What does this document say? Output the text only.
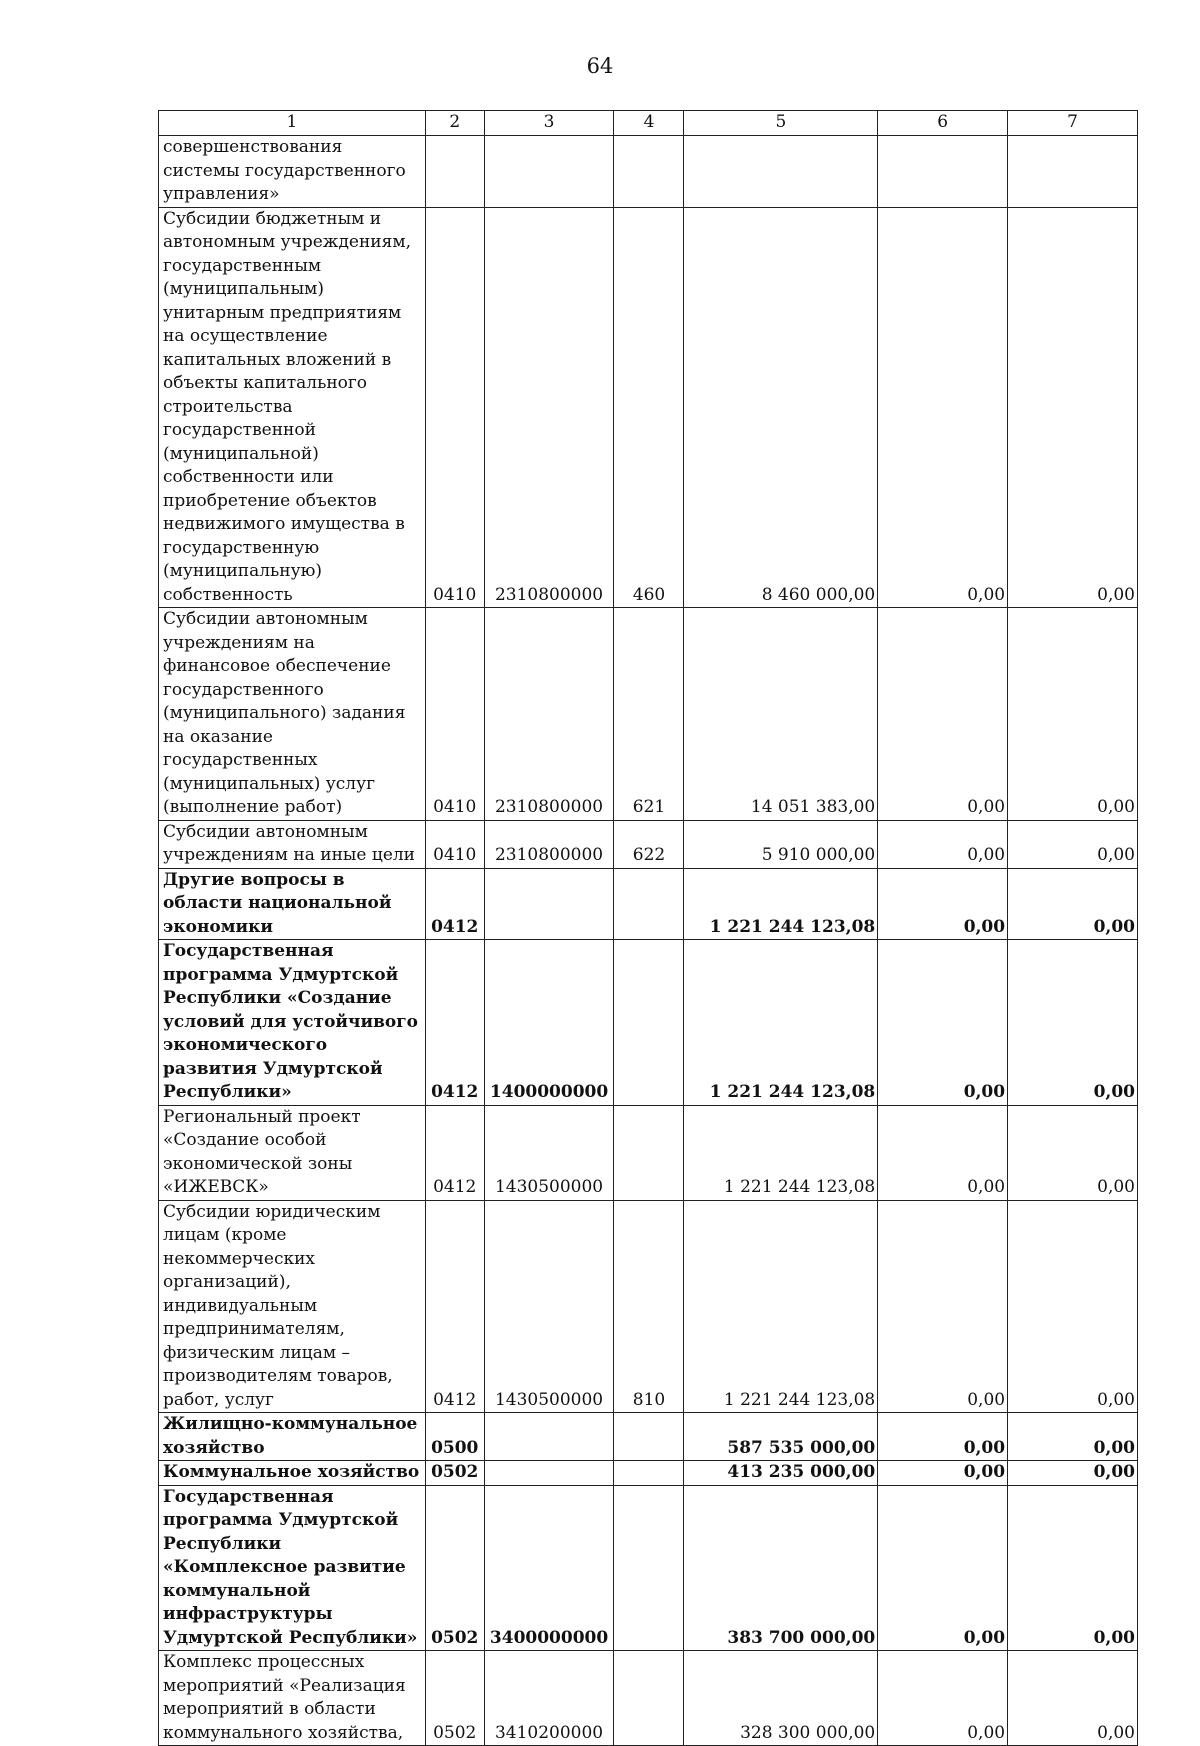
64
1	2	3	4	5	6	7
совершенствования системы государственного управления»						
Субсидии бюджетным и автономным учреждениям, государственным (муниципальным) унитарным предприятиям на осуществление капитальных вложений в объекты капитального строительства государственной (муниципальной) собственности или приобретение объектов недвижимого имущества в государственную (муниципальную) собственность	0410	2310800000	460	8 460 000,00	0,00	0,00
Субсидии автономным учреждениям на финансовое обеспечение государственного (муниципального) задания на оказание государственных (муниципальных) услуг (выполнение работ)	0410	2310800000	621	14 051 383,00	0,00	0,00
Субсидии автономным учреждениям на иные цели	0410	2310800000	622	5 910 000,00	0,00	0,00
Другие вопросы в области национальной экономики	0412			1 221 244 123,08	0,00	0,00
Государственная программа Удмуртской Республики «Создание условий для устойчивого экономического развития Удмуртской Республики»	0412	1400000000		1 221 244 123,08	0,00	0,00
Региональный проект «Создание особой экономической зоны «ИЖЕВСК»	0412	1430500000		1 221 244 123,08	0,00	0,00
Субсидии юридическим лицам (кроме некоммерческих организаций), индивидуальным предпринимателям, физическим лицам – производителям товаров, работ, услуг	0412	1430500000	810	1 221 244 123,08	0,00	0,00
Жилищно-коммунальное хозяйство	0500			587 535 000,00	0,00	0,00
Коммунальное хозяйство	0502			413 235 000,00	0,00	0,00
Государственная программа Удмуртской Республики «Комплексное развитие коммунальной инфраструктуры Удмуртской Республики»	0502	3400000000		383 700 000,00	0,00	0,00
Комплекс процессных мероприятий «Реализация мероприятий в области коммунального хозяйства,	0502	3410200000		328 300 000,00	0,00	0,00
